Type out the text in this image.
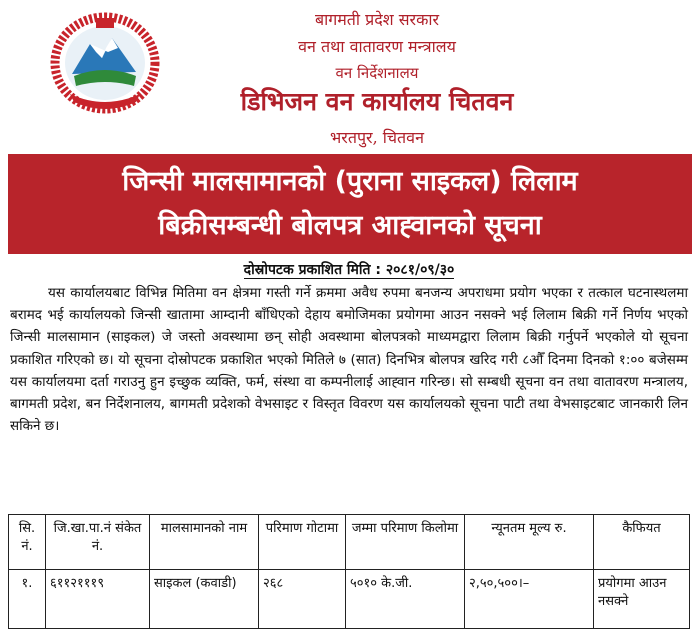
बागमती प्रदेश सरकार
वन तथा वातावरण मन्त्रालय
वन निर्देशनालय
डिभिजन वन कार्यालय चितवन
भरतपुर, चितवन
जिन्सी मालसामानको (पुराना साइकल) लिलाम
बिक्रीसम्बन्धी बोलपत्र आह्‍वानको सूचना
दोस्रोपटक प्रकाशित मिति : २०८१/०९/३०
यस कार्यालयबाट विभिन्न मितिमा वन क्षेत्रमा गस्ती गर्ने क्रममा अवैध रुपमा बनजन्य अपराधमा प्रयोग भएका र तत्काल घटनास्थलमा बरामद भई कार्यालयको जिन्सी खातामा आम्दानी बाँधिएको देहाय बमोजिमका प्रयोगमा आउन नसक्ने भई लिलाम बिक्री गर्ने निर्णय भएको जिन्सी मालसामान (साइकल) जे जस्तो अवस्थामा छन् सोही अवस्थामा बोलपत्रको माध्यमद्वारा लिलाम बिक्री गर्नुपर्ने भएकोले यो सूचना प्रकाशित गरिएको छ। यो सूचना दोस्रोपटक प्रकाशित भएको मितिले ७ (सात) दिनभित्र बोलपत्र खरिद गरी ८औँ दिनमा दिनको १:०० बजेसम्म यस कार्यालयमा दर्ता गराउनु हुन इच्छुक व्यक्ति, फर्म, संस्था वा कम्पनीलाई आह्‍वान गरिन्छ। सो सम्बधी सूचना वन तथा वातावरण मन्त्रालय, बागमती प्रदेश, बन निर्देशनालय, बागमती प्रदेशको वेभसाइट र विस्तृत विवरण यस कार्यालयको सूचना पाटी तथा वेभसाइटबाट जानकारी लिन सकिने छ।
सि. नं.	जि.खा.पा.नं संकेत नं.	मालसामानको नाम	परिमाण गोटामा	जम्मा परिमाण किलोमा	न्यूनतम मूल्य रु.	कैफियत
१.	६११२१११९	साइकल (कवाडी)	२६८	५०१० के.जी.	२,५०,५००।–	प्रयोगमा आउन नसक्ने
